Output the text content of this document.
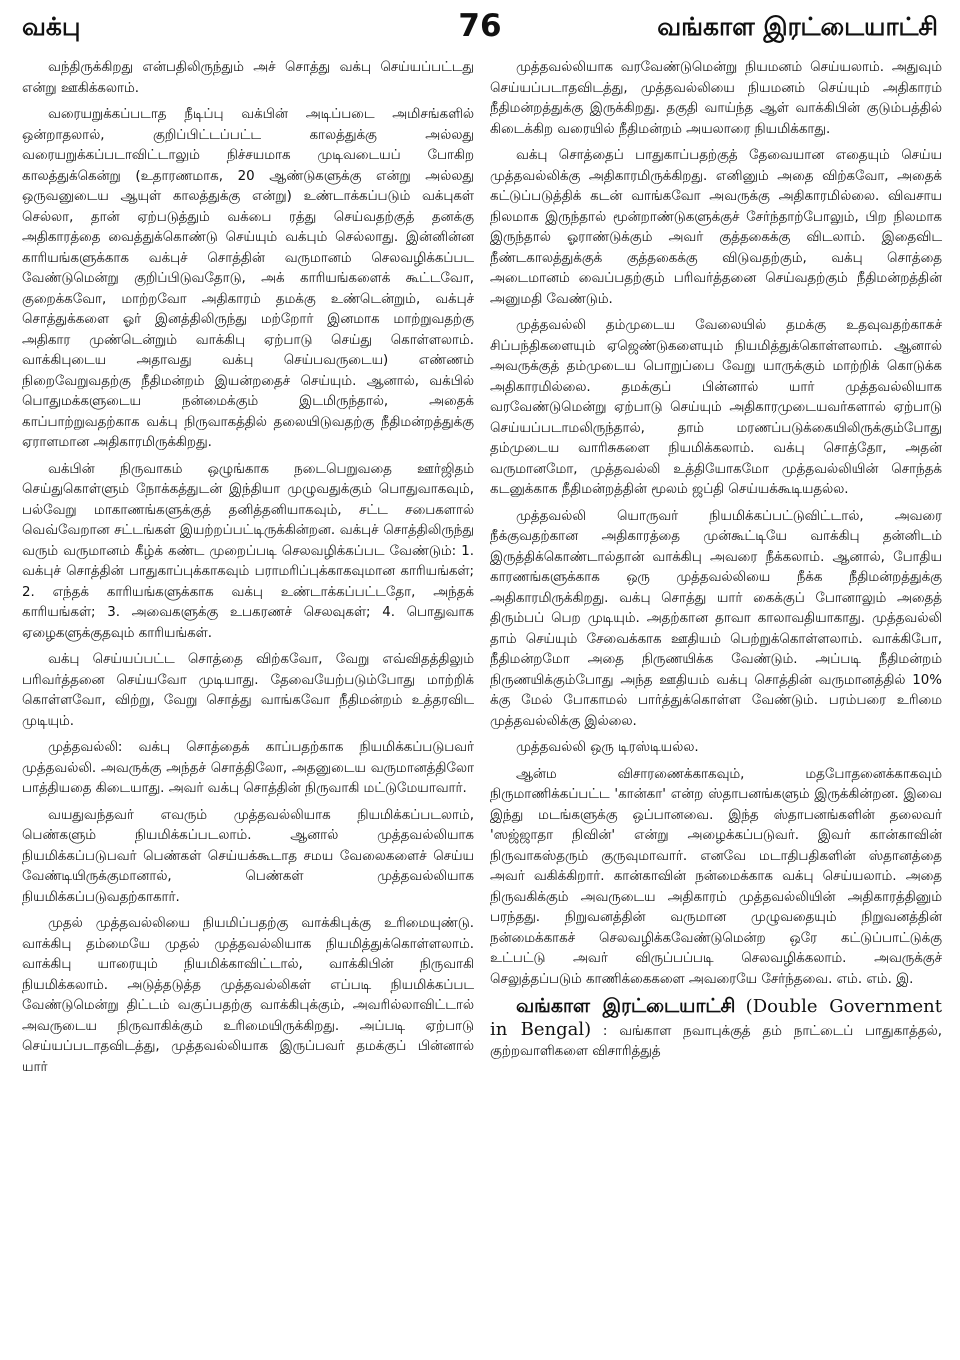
வக்பு	76	வங்காள இரட்டையாட்சி

வந்திருக்கிறது என்பதிலிருந்தும் அச் சொத்து வக்பு செய்யப்பட்டது என்று ஊகிக்கலாம்.

வரையறுக்கப்படாத நீடிப்பு வக்பின் அடிப்படை அமிசங்களில் ஒன்றாதலால், குறிப்பிட்டப்பட்ட காலத்துக்கு அல்லது வரையறுக்கப்படாவிட்டாலும் நிச்சயமாக முடிவடையப் போகிற காலத்துக்கென்று (உதாரணமாக, 20 ஆண்டுகளுக்கு என்று அல்லது ஒருவனுடைய ஆயுள் காலத்துக்கு என்று) உண்டாக்கப்படும் வக்புகள் செல்லா, தான் ஏற்படுத்தும் வக்பை ரத்து செய்வதற்குத் தனக்கு அதிகாரத்தை வைத்துக்கொண்டு செய்யும் வக்பும் செல்லாது. இன்னின்ன காரியங்களுக்காக வக்புச் சொத்தின் வருமானம் செலவழிக்கப்பட வேண்டுமென்று குறிப்பிடுவதோடு, அக் காரியங்களைக் கூட்டவோ, குறைக்கவோ, மாற்றவோ அதிகாரம் தமக்கு உண்டென்றும், வக்புச் சொத்துக்களை ஓர் இனத்திலிருந்து மற்றோர் இனமாக மாற்றுவதற்கு அதிகார முண்டென்றும் வாக்கிபு ஏற்பாடு செய்து கொள்ளலாம். வாக்கிபுடைய அதாவது வக்பு செய்பவருடைய) எண்ணம் நிறைவேறுவதற்கு நீதிமன்றம் இயன்றதைச் செய்யும். ஆனால், வக்பில் பொதுமக்களுடைய நன்மைக்கும் இடமிருந்தால், அதைக் காப்பாற்றுவதற்காக வக்பு நிருவாகத்தில் தலையிடுவதற்கு நீதிமன்றத்துக்கு ஏராளமான அதிகாரமிருக்கிறது.

வக்பின் நிருவாகம் ஒழுங்காக நடைபெறுவதை ஊர்ஜிதம் செய்துகொள்ளும் நோக்கத்துடன் இந்தியா முழுவதுக்கும் பொதுவாகவும், பல்வேறு மாகாணங்களுக்குத் தனித்தனியாகவும், சட்ட சபைகளால் வெவ்வேறான சட்டங்கள் இயற்றப்பட்டிருக்கின்றன. வக்புச் சொத்திலிருந்து வரும் வருமானம் கீழ்க் கண்ட முறைப்படி செலவழிக்கப்பட வேண்டும்: 1. வக்புச் சொத்தின் பாதுகாப்புக்காகவும் பராமரிப்புக்காகவுமான காரியங்கள்; 2. எந்தக் காரியங்களுக்காக வக்பு உண்டாக்கப்பட்டதோ, அந்தக் காரியங்கள்; 3. அவைகளுக்கு உபகரணச் செலவுகள்; 4. பொதுவாக ஏழைகளுக்குதவும் காரியங்கள்.

வக்பு செய்யப்பட்ட சொத்தை விற்கவோ, வேறு எவ்விதத்திலும் பரிவர்த்தனை செய்யவோ முடியாது. தேவையேற்படும்போது மாற்றிக் கொள்ளவோ, விற்று, வேறு சொத்து வாங்கவோ நீதிமன்றம் உத்தரவிட முடியும்.

முத்தவல்லி: வக்பு சொத்தைக் காப்பதற்காக நியமிக்கப்படுபவர் முத்தவல்லி. அவருக்கு அந்தச் சொத்திலோ, அதனுடைய வருமானத்திலோ பாத்தியதை கிடையாது. அவர் வக்பு சொத்தின் நிருவாகி மட்டுமேயாவார்.

வயதுவந்தவர் எவரும் முத்தவல்லியாக நியமிக்கப்படலாம், பெண்களும் நியமிக்கப்படலாம். ஆனால் முத்தவல்லியாக நியமிக்கப்படுபவர் பெண்கள் செய்யக்கூடாத சமய வேலைகளைச் செய்ய வேண்டியிருக்குமானால், பெண்கள் முத்தவல்லியாக நியமிக்கப்படுவதற்காகார்.

முதல் முத்தவல்லியை நியமிப்பதற்கு வாக்கிபுக்கு உரிமையுண்டு. வாக்கிபு தம்மையே முதல் முத்தவல்லியாக நியமித்துக்கொள்ளலாம். வாக்கிபு யாரையும் நியமிக்காவிட்டால், வாக்கிபின் நிருவாகி நியமிக்கலாம். அடுத்தடுத்த முத்தவல்லிகள் எப்படி நியமிக்கப்பட வேண்டுமென்று திட்டம் வகுப்பதற்கு வாக்கிபுக்கும், அவரில்லாவிட்டால் அவருடைய நிருவாகிக்கும் உரிமையிருக்கிறது. அப்படி ஏற்பாடு செய்யப்படாதவிடத்து, முத்தவல்லியாக இருப்பவர் தமக்குப் பின்னால் யார்

முத்தவல்லியாக வரவேண்டுமென்று நியமனம் செய்யலாம். அதுவும் செய்யப்படாதவிடத்து, முத்தவல்லியை நியமனம் செய்யும் அதிகாரம் நீதிமன்றத்துக்கு இருக்கிறது. தகுதி வாய்ந்த ஆள் வாக்கிபின் குடும்பத்தில் கிடைக்கிற வரையில் நீதிமன்றம் அயலாரை நியமிக்காது.

வக்பு சொத்தைப் பாதுகாப்பதற்குத் தேவையான எதையும் செய்ய முத்தவல்லிக்கு அதிகாரமிருக்கிறது. எனினும் அதை விற்கவோ, அதைக் கட்டுப்படுத்திக் கடன் வாங்கவோ அவருக்கு அதிகாரமில்லை. விவசாய நிலமாக இருந்தால் மூன்றாண்டுகளுக்குச் சேர்ந்தாற்போலும், பிற நிலமாக இருந்தால் ஓராண்டுக்கும் அவர் குத்தகைக்கு விடலாம். இதைவிட நீண்டகாலத்துக்குக் குத்தகைக்கு விடுவதற்கும், வக்பு சொத்தை அடைமானம் வைப்பதற்கும் பரிவர்த்தனை செய்வதற்கும் நீதிமன்றத்தின் அனுமதி வேண்டும்.

முத்தவல்லி தம்முடைய வேலையில் தமக்கு உதவுவதற்காகச் சிப்பந்திகளையும் ஏஜெண்டுகளையும் நியமித்துக்கொள்ளலாம். ஆனால் அவருக்குத் தம்முடைய பொறுப்பை வேறு யாருக்கும் மாற்றிக் கொடுக்க அதிகாரமில்லை. தமக்குப் பின்னால் யார் முத்தவல்லியாக வரவேண்டுமென்று ஏற்பாடு செய்யும் அதிகாரமுடையவர்களால் ஏற்பாடு செய்யப்படாமலிருந்தால், தாம் மரணப்படுக்கையிலிருக்கும்போது தம்முடைய வாரிசுகளை நியமிக்கலாம். வக்பு சொத்தோ, அதன் வருமானமோ, முத்தவல்லி உத்தியோகமோ முத்தவல்லியின் சொந்தக் கடனுக்காக நீதிமன்றத்தின் மூலம் ஜப்தி செய்யக்கூடியதல்ல.

முத்தவல்லி யொருவர் நியமிக்கப்பட்டுவிட்டால், அவரை நீக்குவதற்கான அதிகாரத்தை முன்கூட்டியே வாக்கிபு தன்னிடம் இருத்திக்கொண்டால்தான் வாக்கிபு அவரை நீக்கலாம். ஆனால், போதிய காரணங்களுக்காக ஒரு முத்தவல்லியை நீக்க நீதிமன்றத்துக்கு அதிகாரமிருக்கிறது. வக்பு சொத்து யார் கைக்குப் போனாலும் அதைத் திரும்பப் பெற முடியும். அதற்கான தாவா காலாவதியாகாது. முத்தவல்லி தாம் செய்யும் சேவைக்காக ஊதியம் பெற்றுக்கொள்ளலாம். வாக்கிபோ, நீதிமன்றமோ அதை நிருணயிக்க வேண்டும். அப்படி நீதிமன்றம் நிருணயிக்கும்போது அந்த ஊதியம் வக்பு சொத்தின் வருமானத்தில் 10% க்கு மேல் போகாமல் பார்த்துக்கொள்ள வேண்டும். பரம்பரை உரிமை முத்தவல்லிக்கு இல்லை.

முத்தவல்லி ஒரு டிரஸ்டியல்ல.

ஆன்ம விசாரணைக்காகவும், மதபோதனைக்காகவும் நிருமாணிக்கப்பட்ட 'கான்கா' என்ற ஸ்தாபனங்களும் இருக்கின்றன. இவை இந்து மடங்களுக்கு ஒப்பானவை. இந்த ஸ்தாபனங்களின் தலைவர் 'ஸஜ்ஜாதா நிவின்' என்று அழைக்கப்படுவர். இவர் கான்காவின் நிருவாகஸ்தரும் குருவுமாவார். எனவே மடாதிபதிகளின் ஸ்தானத்தை அவர் வகிக்கிறார். கான்காவின் நன்மைக்காக வக்பு செய்யலாம். அதை நிருவகிக்கும் அவருடைய அதிகாரம் முத்தவல்லியின் அதிகாரத்தினும் பரந்தது. நிறுவனத்தின் வருமான முழுவதையும் நிறுவனத்தின் நன்மைக்காகச் செலவழிக்கவேண்டுமென்ற ஒரே கட்டுப்பாட்டுக்கு உட்பட்டு அவர் விருப்பப்படி செலவழிக்கலாம். அவருக்குச் செலுத்தப்படும் காணிக்கைகளை அவரையே சேர்ந்தவை. எம். எம். இ.

வங்காள இரட்டையாட்சி (Double Government in Bengal) : வங்காள நவாபுக்குத் தம் நாட்டைப் பாதுகாத்தல், குற்றவாளிகளை விசாரித்துத்
